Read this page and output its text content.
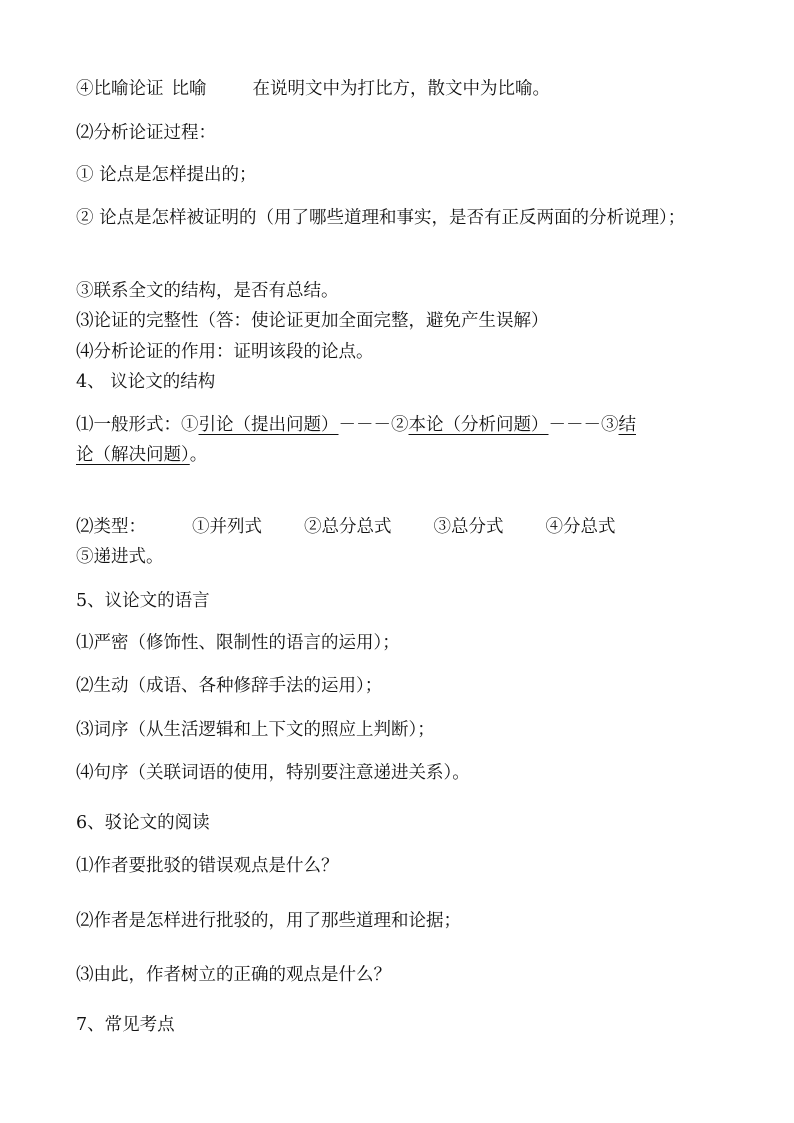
④比喻论证 比喻	在说明文中为打比方，散文中为比喻。
⑵分析论证过程：
① 论点是怎样提出的；
② 论点是怎样被证明的（用了哪些道理和事实，是否有正反两面的分析说理）；
③联系全文的结构，是否有总结。
⑶论证的完整性（答：使论证更加全面完整，避免产生误解）
⑷分析论证的作用：证明该段的论点。
4、 议论文的结构
⑴一般形式：①引论（提出问题）－－－②本论（分析问题）－－－③结
论（解决问题）。
⑵类型：	①并列式 ②总分总式 ③总分式 ④分总式
⑤递进式。
5、议论文的语言
⑴严密（修饰性、限制性的语言的运用）；
⑵生动（成语、各种修辞手法的运用）；
⑶词序（从生活逻辑和上下文的照应上判断）；
⑷句序（关联词语的使用，特别要注意递进关系）。
6、驳论文的阅读
⑴作者要批驳的错误观点是什么？
⑵作者是怎样进行批驳的，用了那些道理和论据；
⑶由此，作者树立的正确的观点是什么？
7、常见考点
